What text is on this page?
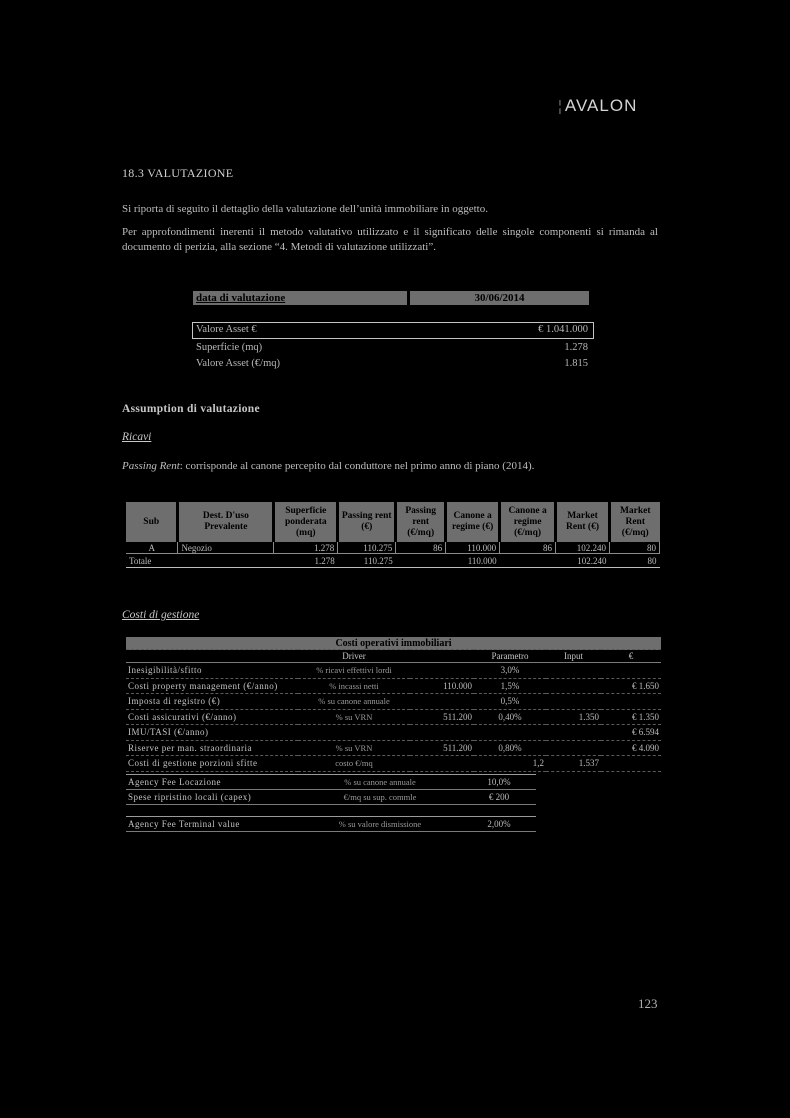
¦ AVALON
18.3 VALUTAZIONE
Si riporta di seguito il dettaglio della valutazione dell’unità immobiliare in oggetto.
Per approfondimenti inerenti il metodo valutativo utilizzato e il significato delle singole componenti si rimanda al documento di perizia, alla sezione “4. Metodi di valutazione utilizzati”.
data di valutazione	30/06/2014
Valore Asset €	€ 1.041.000
Superficie (mq)	1.278
Valore Asset (€/mq)	1.815
Assumption di valutazione
Ricavi
Passing Rent: corrisponde al canone percepito dal conduttore nel primo anno di piano (2014).
Sub	Dest. D'uso Prevalente	Superficie ponderata (mq)	Passing rent (€)	Passing rent (€/mq)	Canone a regime (€)	Canone a regime (€/mq)	Market Rent (€)	Market Rent (€/mq)
A	Negozio	1.278	110.275	86	110.000	86	102.240	80
Totale		1.278	110.275		110.000		102.240	80
Costi di gestione
Costi operativi immobiliari					
	Driver		Parametro	Input	€
Inesigibilità/sfitto	% ricavi effettivi lordi		3,0%		
Costi property management (€/anno)	% incassi netti	110.000	1,5%		€ 1.650
Imposta di registro (€)	% su canone annuale		0,5%		
Costi assicurativi (€/anno)	% su VRN	511.200	0,40%	1.350	€ 1.350
IMU/TASI (€/anno)					€ 6.594
Riserve per man. straordinaria	% su VRN	511.200	0,80%		€ 4.090
Costi di gestione porzioni sfitte	costo €/mq		1,2	1.537	
Agency Fee Locazione	% su canone annuale	10,0%
Spese ripristino locali (capex)	€/mq su sup. commle	€ 200
Agency Fee Terminal value	% su valore dismissione	2,00%
123
